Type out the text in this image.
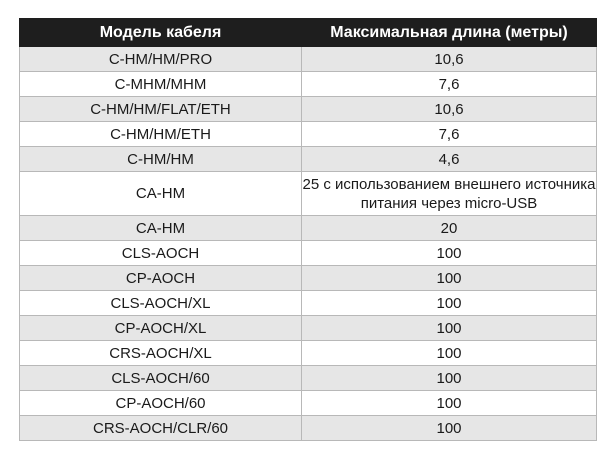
Модель кабеля	Максимальная длина (метры)
C-HM/HM/PRO	10,6
C-MHM/MHM	7,6
C-HM/HM/FLAT/ETH	10,6
C-HM/HM/ETH	7,6
C-HM/HM	4,6
CA-HM	25 с использованием внешнего источника питания через micro-USB
CA-HM	20
CLS-AOCH	100
CP-AOCH	100
CLS-AOCH/XL	100
CP-AOCH/XL	100
CRS-AOCH/XL	100
CLS-AOCH/60	100
CP-AOCH/60	100
CRS-AOCH/CLR/60	100
